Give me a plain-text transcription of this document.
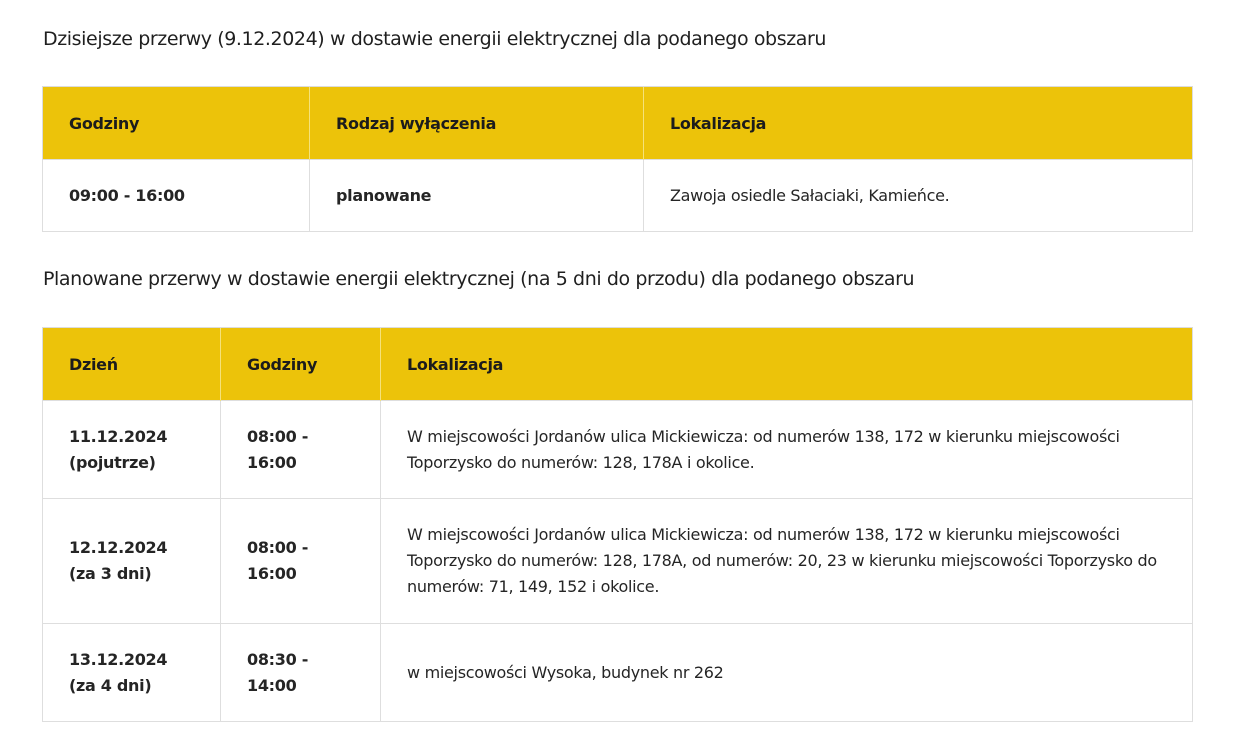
Dzisiejsze przerwy (9.12.2024) w dostawie energii elektrycznej dla podanego obszaru
Godziny	Rodzaj wyłączenia	Lokalizacja
09:00 - 16:00	planowane	Zawoja osiedle Sałaciaki, Kamieńce.
Planowane przerwy w dostawie energii elektrycznej (na 5 dni do przodu) dla podanego obszaru
Dzień	Godziny	Lokalizacja
11.12.2024 (pojutrze)	08:00 - 16:00	W miejscowości Jordanów ulica Mickiewicza: od numerów 138, 172 w kierunku miejscowości Toporzysko do numerów: 128, 178A i okolice.
12.12.2024 (za 3 dni)	08:00 - 16:00	W miejscowości Jordanów ulica Mickiewicza: od numerów 138, 172 w kierunku miejscowości Toporzysko do numerów: 128, 178A, od numerów: 20, 23 w kierunku miejscowości Toporzysko do numerów: 71, 149, 152 i okolice.
13.12.2024 (za 4 dni)	08:30 - 14:00	w miejscowości Wysoka, budynek nr 262
